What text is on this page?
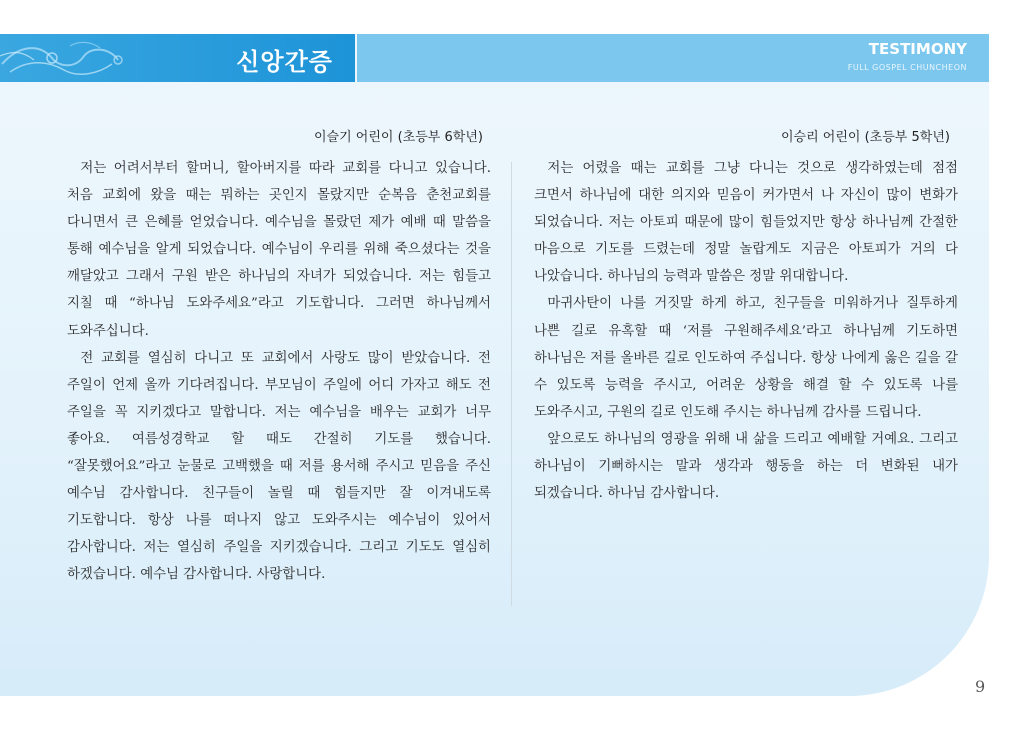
신앙간증	TESTIMONY
FULL GOSPEL CHUNCHEON
이슬기 어린이 (초등부 6학년)	이승리 어린이 (초등부 5학년)

저는 어려서부터 할머니, 할아버지를 따라 교회를 다니고 있습니다. 처음 교회에 왔을 때는 뭐하는 곳인지 몰랐지만 순복음 춘천교회를 다니면서 큰 은혜를 얻었습니다. 예수님을 몰랐던 제가 예배 때 말씀을 통해 예수님을 알게 되었습니다. 예수님이 우리를 위해 죽으셨다는 것을 깨달았고 그래서 구원 받은 하나님의 자녀가 되었습니다. 저는 힘들고 지칠 때 “하나님 도와주세요”라고 기도합니다. 그러면 하나님께서 도와주십니다.

전 교회를 열심히 다니고 또 교회에서 사랑도 많이 받았습니다. 전 주일이 언제 올까 기다려집니다. 부모님이 주일에 어디 가자고 해도 전 주일을 꼭 지키겠다고 말합니다. 저는 예수님을 배우는 교회가 너무 좋아요. 여름성경학교 할 때도 간절히 기도를 했습니다. “잘못했어요”라고 눈물로 고백했을 때 저를 용서해 주시고 믿음을 주신 예수님 감사합니다. 친구들이 놀릴 때 힘들지만 잘 이겨내도록 기도합니다. 항상 나를 떠나지 않고 도와주시는 예수님이 있어서 감사합니다. 저는 열심히 주일을 지키겠습니다. 그리고 기도도 열심히 하겠습니다. 예수님 감사합니다. 사랑합니다.

저는 어렸을 때는 교회를 그냥 다니는 것으로 생각하였는데 점점 크면서 하나님에 대한 의지와 믿음이 커가면서 나 자신이 많이 변화가 되었습니다. 저는 아토피 때문에 많이 힘들었지만 항상 하나님께 간절한 마음으로 기도를 드렸는데 정말 놀랍게도 지금은 아토피가 거의 다 나았습니다. 하나님의 능력과 말씀은 정말 위대합니다.

마귀사탄이 나를 거짓말 하게 하고, 친구들을 미워하거나 질투하게 나쁜 길로 유혹할 때 ‘저를 구원해주세요’라고 하나님께 기도하면 하나님은 저를 올바른 길로 인도하여 주십니다. 항상 나에게 옳은 길을 갈 수 있도록 능력을 주시고, 어려운 상황을 해결 할 수 있도록 나를 도와주시고, 구원의 길로 인도해 주시는 하나님께 감사를 드립니다.

앞으로도 하나님의 영광을 위해 내 삶을 드리고 예배할 거예요. 그리고 하나님이 기뻐하시는 말과 생각과 행동을 하는 더 변화된 내가 되겠습니다. 하나님 감사합니다.

9
